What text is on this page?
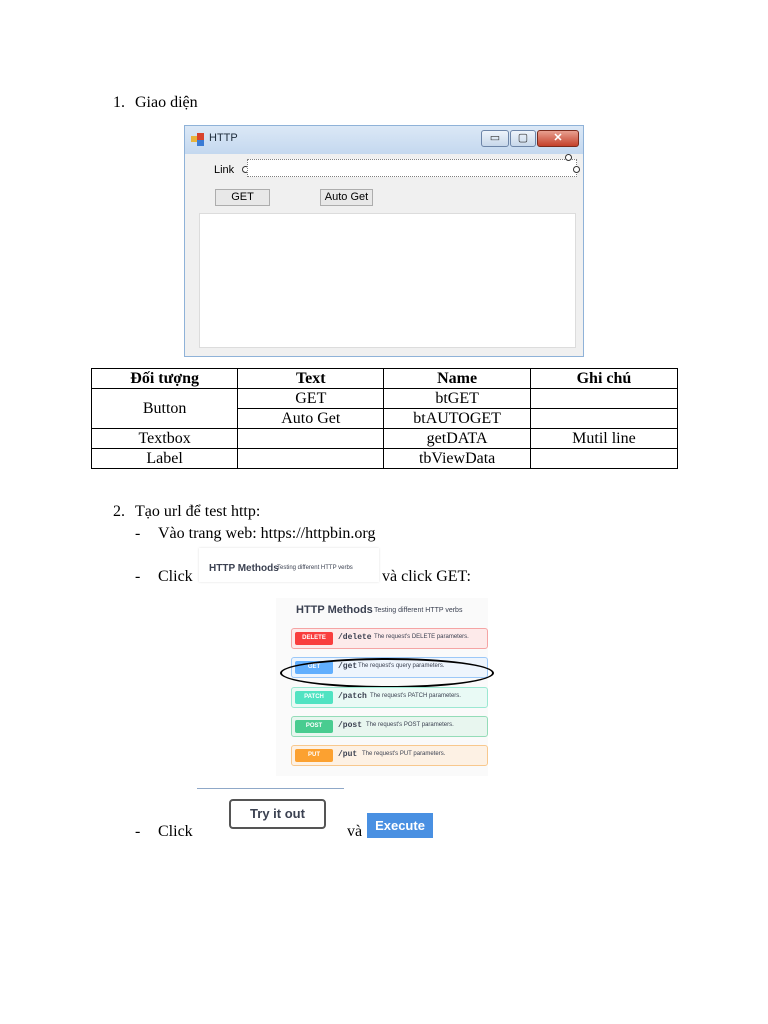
1. Giao diện
HTTP	▭	▢	✕
Link
GET	Auto Get
Đối tượng	Text	Name	Ghi chú
Button	GET	btGET	
	Auto Get	btAUTOGET	
Textbox		getDATA	Mutil line
Label		tbViewData	
2. Tạo url để test http:
- Vào trang web: https://httpbin.org
- Click HTTP Methods
Testing different HTTP verbs và click GET:
HTTP Methods Testing different HTTP verbs
DELETE	/delete The request's DELETE parameters.
GET	/get The request's query parameters.
PATCH	/patch The request's PATCH parameters.
POST	/post The request's POST parameters.
PUT	/put The request's PUT parameters.
- Click
Try it out
và Execute
